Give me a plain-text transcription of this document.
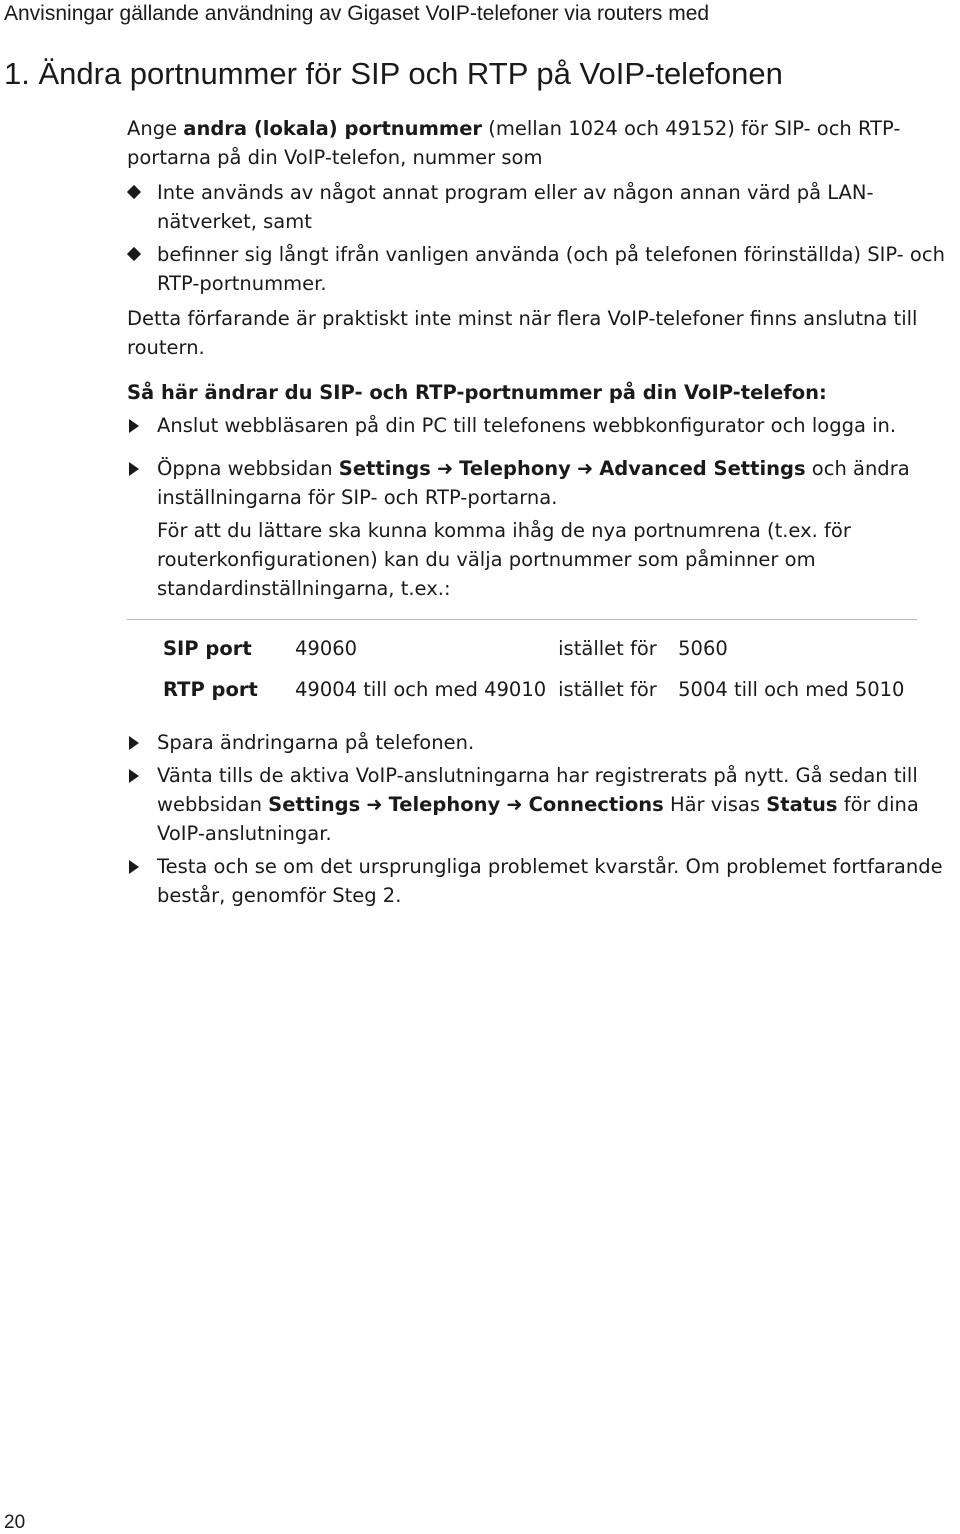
Anvisningar gällande användning av Gigaset VoIP-telefoner via routers med
1. Ändra portnummer för SIP och RTP på VoIP-telefonen

Ange andra (lokala) portnummer (mellan 1024 och 49152) för SIP- och RTP-portarna på din VoIP-telefon, nummer som

Inte används av något annat program eller av någon annan värd på LAN-nätverket, samt

befinner sig långt ifrån vanligen använda (och på telefonen förinställda) SIP- och RTP-portnummer.

Detta förfarande är praktiskt inte minst när flera VoIP-telefoner finns anslutna till routern.

Så här ändrar du SIP- och RTP-portnummer på din VoIP-telefon:

Anslut webbläsaren på din PC till telefonens webbkonfigurator och logga in.

Öppna webbsidan Settings ➜ Telephony ➜ Advanced Settings och ändra inställningarna för SIP- och RTP-portarna.

För att du lättare ska kunna komma ihåg de nya portnumrena (t.ex. för routerkonfigurationen) kan du välja portnummer som påminner om standardinställningarna, t.ex.:

SIP port	49060	istället för	5060
RTP port	49004 till och med 49010	istället för	5004 till och med 5010

Spara ändringarna på telefonen.

Vänta tills de aktiva VoIP-anslutningarna har registrerats på nytt. Gå sedan till webbsidan Settings ➜ Telephony ➜ Connections Här visas Status för dina VoIP-anslutningar.

Testa och se om det ursprungliga problemet kvarstår. Om problemet fortfarande består, genomför Steg 2.

20
